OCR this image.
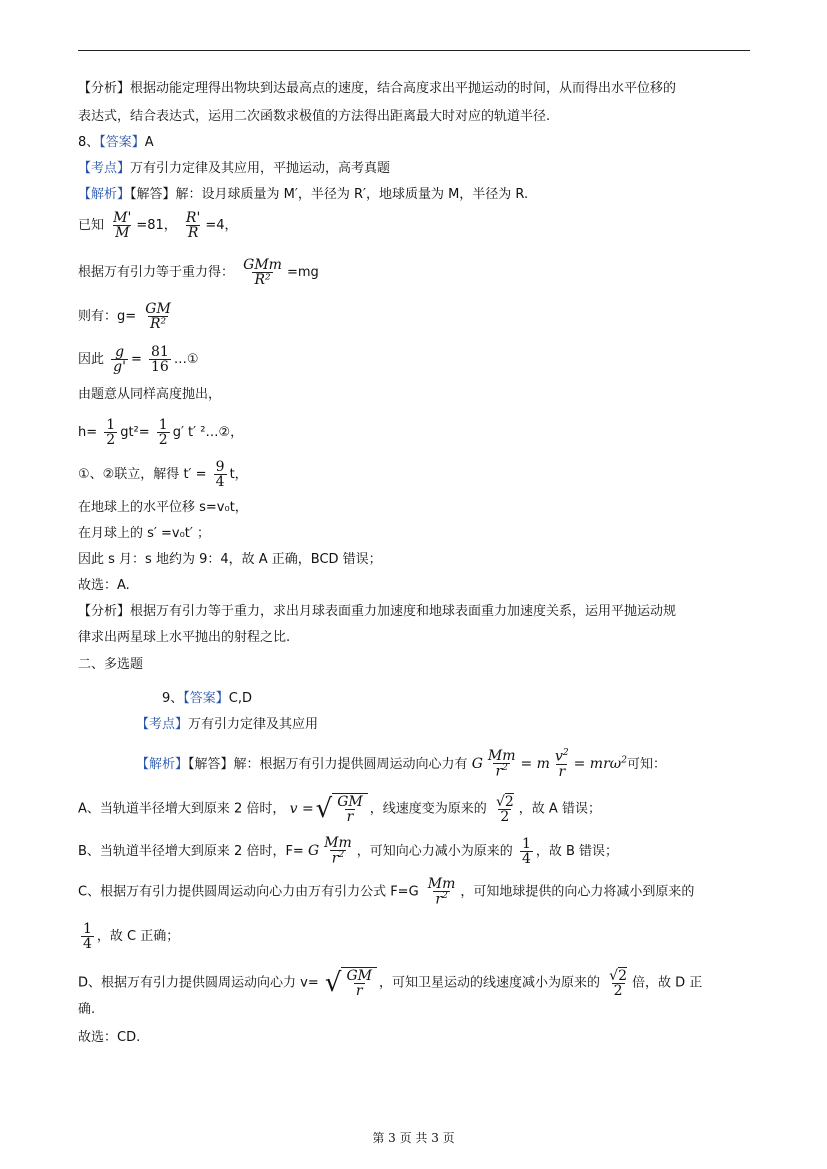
【分析】根据动能定理得出物块到达最高点的速度，结合高度求出平抛运动的时间，从而得出水平位移的
表达式，结合表达式，运用二次函数求极值的方法得出距离最大时对应的轨道半径.
8、【答案】A
【考点】万有引力定律及其应用，平抛运动，高考真题
【解析】【解答】解：设月球质量为 M′，半径为 R′，地球质量为 M，半径为 R.
已知 $\frac{M'}{M} =81$， $\frac{R'}{R} =4$，
根据万有引力等于重力得： $\frac{\text{GMm}}{\text{R²}} =mg$
则有：$g= \frac{GM}{\text{R²}}$
因此 $\frac{g}{g'} = \frac{81}{16}$ …①
由题意从同样高度抛出，
$h= \frac{1}{2} gt^2= \frac{1}{2} g'$ t′ ²…②，
①、②联立，解得 $t' = \frac{9}{4}$ t，
在地球上的水平位移 s=v₀t，
在月球上的 s′ =v₀t′ ；
因此 s 月：s 地约为 9：4，故 A 正确，BCD 错误；
故选：A.
【分析】根据万有引力等于重力，求出月球表面重力加速度和地球表面重力加速度关系，运用平抛运动规
律求出两星球上水平抛出的射程之比.
二、多选题
9、【答案】C,D
【考点】万有引力定律及其应用
【解析】【解答】解：根据万有引力提供圆周运动向心力有 G $\frac{Mm}{r^2} = m \frac{v^2}{r} = mr\omega^2$可知：
A、当轨道半径增大到原来 2 倍时， v = √ $\frac{GM}{r}$ ，线速度变为原来的 $\frac{√2}{2}$ ，故 A 错误；
B、当轨道半径增大到原来 2 倍时，F= G $\frac{Mm}{r^2}$ ，可知向心力减小为原来的 $\frac{1}{4}$ ，故 B 错误；
C、根据万有引力提供圆周运动向心力由万有引力公式 $F=G \frac{Mm}{r^2}$ ，可知地球提供的向心力将减小到原来的
$\frac{1}{4}$ ，故 C 正确；
D、根据万有引力提供圆周运动向心力 v= √ $\frac{GM}{r}$ ，可知卫星运动的线速度减小为原来的 $\frac{√2}{2}$ 倍，故 D 正
确.
故选：CD.
第 3 页 共 3 页
